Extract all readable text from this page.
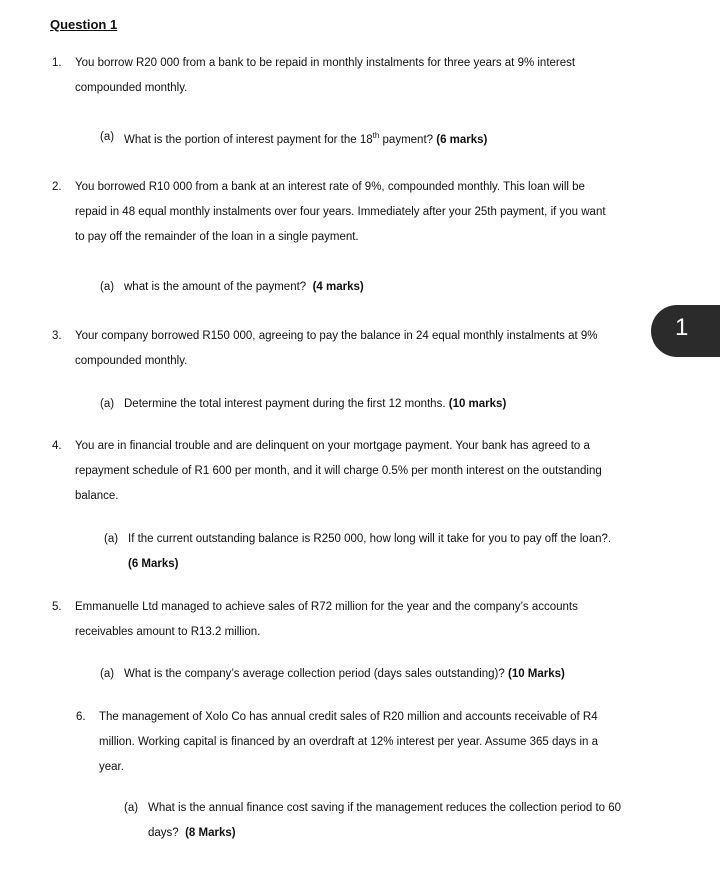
Question 1
1. You borrow R20 000 from a bank to be repaid in monthly instalments for three years at 9% interest
compounded monthly.
(a) What is the portion of interest payment for the 18th payment? (6 marks)
2. You borrowed R10 000 from a bank at an interest rate of 9%, compounded monthly. This loan will be
repaid in 48 equal monthly instalments over four years. Immediately after your 25th payment, if you want
to pay off the remainder of the loan in a single payment.
(a) what is the amount of the payment? (4 marks)
3. Your company borrowed R150 000, agreeing to pay the balance in 24 equal monthly instalments at 9%
compounded monthly.
(a) Determine the total interest payment during the first 12 months. (10 marks)
1
4. You are in financial trouble and are delinquent on your mortgage payment. Your bank has agreed to a
repayment schedule of R1 600 per month, and it will charge 0.5% per month interest on the outstanding
balance.
(a) If the current outstanding balance is R250 000, how long will it take for you to pay off the loan?.
(6 Marks)
5. Emmanuelle Ltd managed to achieve sales of R72 million for the year and the company’s accounts
receivables amount to R13.2 million.
(a) What is the company’s average collection period (days sales outstanding)? (10 Marks)
6. The management of Xolo Co has annual credit sales of R20 million and accounts receivable of R4
million. Working capital is financed by an overdraft at 12% interest per year. Assume 365 days in a
year.
(a) What is the annual finance cost saving if the management reduces the collection period to 60
days? (8 Marks)
